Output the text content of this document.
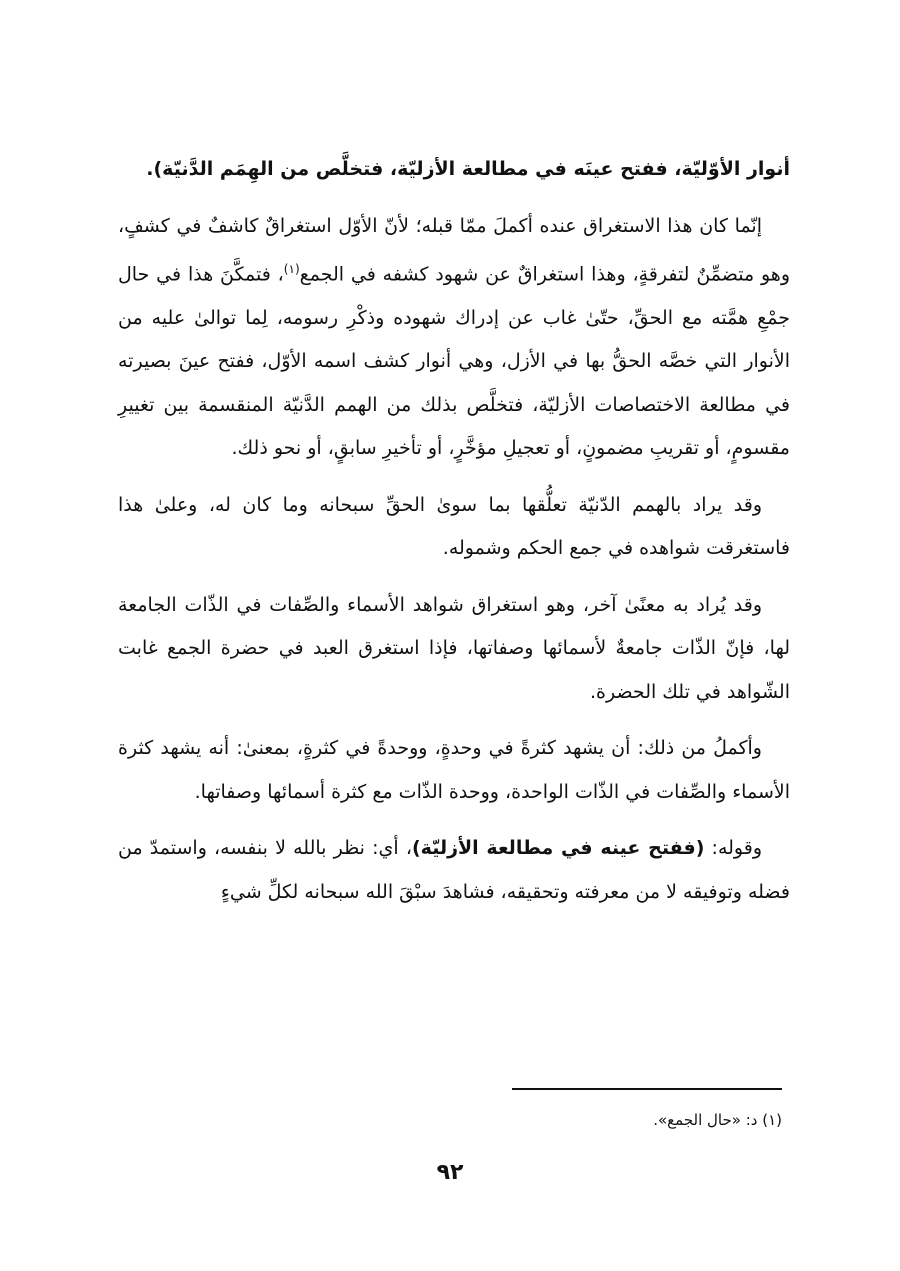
أنوار الأوّليّة، ففتح عينَه في مطالعة الأزليّة، فتخلَّص من الهِمَم الدَّنيّة).

إنّما كان هذا الاستغراق عنده أكملَ ممّا قبله؛ لأنّ الأوّل استغراقٌ كاشفٌ في كشفٍ، وهو متضمِّنٌ لتفرقةٍ، وهذا استغراقٌ عن شهود كشفه في الجمع$^{(١)}$، فتمكَّنَ هذا في حال جمْعِ همَّته مع الحقِّ، حتّىٰ غاب عن إدراك شهوده وذكْرِ رسومه، لِما توالىٰ عليه من الأنوار التي خصَّه الحقُّ بها في الأزل، وهي أنوار كشف اسمه الأوّل، ففتح عينَ بصيرته في مطالعة الاختصاصات الأزليّة، فتخلَّص بذلك من الهمم الدَّنيّة المنقسمة بين تغييرِ مقسومٍ، أو تقريبِ مضمونٍ، أو تعجيلِ مؤخَّرٍ، أو تأخيرِ سابقٍ، أو نحو ذلك.

وقد يراد بالهمم الدّنيّة تعلُّقها بما سوىٰ الحقِّ سبحانه وما كان له، وعلىٰ هذا فاستغرقت شواهده في جمع الحكم وشموله.

وقد يُراد به معنًىٰ آخر، وهو استغراق شواهد الأسماء والصِّفات في الذّات الجامعة لها، فإنّ الذّات جامعةٌ لأسمائها وصفاتها، فإذا استغرق العبد في حضرة الجمع غابت الشّواهد في تلك الحضرة.

وأكملُ من ذلك: أن يشهد كثرةً في وحدةٍ، ووحدةً في كثرةٍ، بمعنىٰ: أنه يشهد كثرة الأسماء والصِّفات في الذّات الواحدة، ووحدة الذّات مع كثرة أسمائها وصفاتها.

وقوله: (ففتح عينه في مطالعة الأزليّة)، أي: نظر بالله لا بنفسه، واستمدّ من فضله وتوفيقه لا من معرفته وتحقيقه، فشاهدَ سبْقَ الله سبحانه لكلِّ شيءٍ

(١) د: «حال الجمع».
٩٢
